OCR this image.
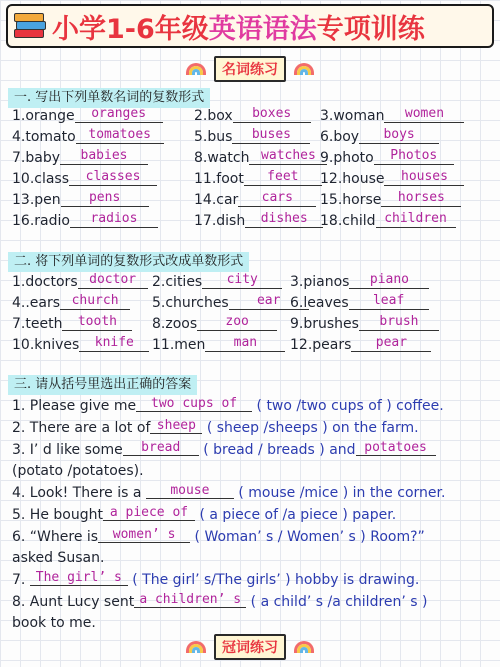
小学1-6年级英语语法专项训练
名词练习
一. 写出下列单数名词的复数形式
1.orange	oranges	2.box	boxes	3.woman	women
4.tomato tomatoes	5.bus	buses	6.boy	boys
7.baby	babies	8.watch watches 9.photo	Photos
10.class	classes	11.foot	feet	12.house	houses
13.pen	pens	14.car	cars	15.horse	horses
16.radio	radios	17.dish	dishes 18.child children
二. 将下列单词的复数形式改成单数形式
1.doctors doctor	2.cities	city	3.pianos	piano
4..ears church	5.churches	ear 6.leaves	leaf
7.teeth	tooth	8.zoos	zoo	9.brushes	brush
10.knives	knife	11.men	man	12.pears	pear
三. 请从括号里选出正确的答案
1. Please give me two cups of ( two /two cups of ) coffee.
2. There are a lot of sheep ( sheep /sheeps ) on the farm.
3. I’ d like some bread ( bread / breads ) and potatoes
(potato /potatoes).
4. Look! There is a mouse ( mouse /mice ) in the corner.
5. He bought a piece of ( a piece of /a piece ) paper.
6. “Where is women’ s ( Woman’ s / Women’ s ) Room?”
asked Susan.
7. The girl’ s ( The girl’ s/The girls’ ) hobby is drawing.
8. Aunt Lucy sent a children’ s ( a child’ s /a children’ s )
book to me.
冠词练习
